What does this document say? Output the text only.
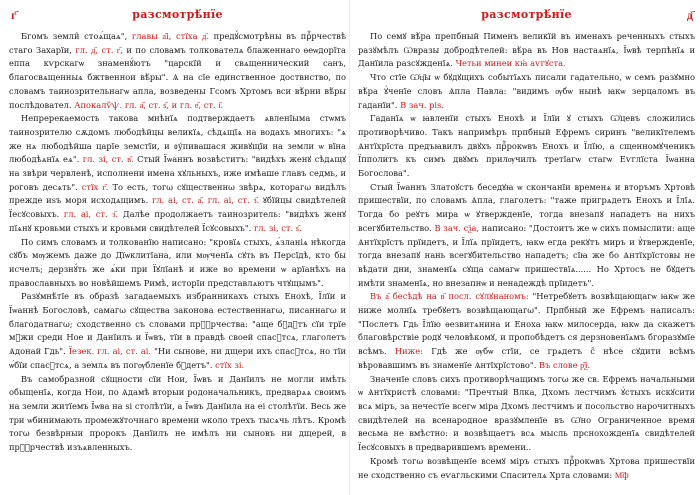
г҃	разсмотрѣ́нїе

Бгомъ земли̑ стоѧ́щаѧ", главы а҃і, стїха д҃. предꙋ́смотрѣны въ прⷪ҇рчествѣ стаго Захарїи, гл. д҃, ст. г҃, и по словамъ толкователѧ блаженнаго ѳеѡдорїта еппа кѵрскагѡ знаменꙋ́ютъ "царскїй и свѧщеннический санъ, благосвѧщенныѧ бжтвеннои вѣ́ры". Ѧ на сїе единственное доствнство, по словамъ таинозрительнагѡ апла, возведены Гсомъ Хртомъ вси вѣ́рни вѣ́ры послѣдовател. Апокалѷѱ. гл. а҃, ст. ѕ҃, и гл. е҃, ст. і҃.

Непререкаемость такова мнѣнїѧ подтверждаетъ ѧвленїыма стѡмъ таинозрителю сѫдомъ любодѣйцы великїѧ, сѣдѧщїѧ на водахъ многихъ: "ѧ же нѧ любодѣйша царїе земстїи, и ᲂу́пивашася живꙋщїи на земли ѡ вїна любодѣѧнїѧ еѧ". гл. зі, ст. в҃. Стый Їѡаннъ возвѣститъ: "видѣхъ женꙋ сѣдѧщꙋ на звѣри червленѣ, исполнени имена хꙋльныхъ, иже имѣаше главъ седмь, и роговъ десѧть". стїх г҃. То есть, тогω сꙋщественнω звѣрѧ, которагω видѣлъ прежде иѕъ моря исходѧщимъ. гл. аі, ст. а҃. гл. аі, ст. з҃. ꙋбїйцы свидѣтелей Їесꙋсовыхъ. гл. аі, ст. з҃. Далѣе продолжаетъ таинозритель: "видѣхъ женꙋ пїѧнꙋ кровьми стыхъ и кровьми свидѣтелей Їсꙋсовыхъ". гл. зі, ст. ѕ҃.

По симъ словамъ и толкованїю написано: "кровїѧ стыхъ, ѧ́зланіѧ нѣкогда сꙋбъ мѹжемъ даже до Дїѡклитїана, или мѹченїѧ сꙋть въ Персїдѣ, кто бы исчелъ; дерзнꙋ́ть же ѧ́ки при Їꙋлїанѣ и иже во времени ѡ арїанѣхъ на православныхъ во новѣйшемъ Римѣ, исторїи представлѧютъ чтꙋщымъ".

Разꙋмнѣ́тїе въ образѣ загадаемыхъ избранникахъ стыхъ Енохѣ, Їлїи и Їѡаннѣ Богословѣ, самагω сꙋщества законова естественнагω, писаннагω и благодатнагω; сходственно съ словами прⷪ҇рчества: "аще бꙋдꙋтъ сїи трїе мꙋжи среди Ное и Данїилъ и Їѡвъ, тїи в правдѣ своей спасꙋтсѧ, глаголетъ Ѧдонай Гдь". Їезек. гл. аі, ст. аі. "Ни сынове, ни дщери ихъ спасꙋтсѧ, но тїи ѡ́бїи спасꙋтсѧ, а землѧ въ погѹбленїе бꙋдетъ". стїх зі.

Въ самобразной сꙋщности сїи Нои, Їѡвъ и Данїилъ не могли имѣть обыщенїѧ, когда Нои, по Ѧдамѣ вторыи родоначальникъ, предварѧѧ своимъ на земли житїемъ Їѡва на ѕі столѣтїи, а Їѡвъ Данїила на еі столѣтїи. Весь же три ѡбинимають промежꙋточнаго времени ѡколо трехъ тысѧчь лѣтъ. Кромѣ тогω безвѣрныи пророкъ Данїилъ не имѣлъ ни сыновъ ни дщерей, в прⷪ҇рчествѣ изъѧвленныхъ.

разсмотрѣ́нїе	д҃

По семꙋ вѣ́ра препбный Пименъ великїй въ именахъ реченныхъ стыхъ разꙋмѣлъ Ѡвразы добродѣтелей: вѣ́ра въ Нов настаѧнїѧ, Їѡвѣ терпѣнїѧ и Данїила разсꙋжденїѧ. Четьи минеи кꙗ́ аѵгꙋста.

Что стїе Ѡ҆ц҃ы ѡ бꙋдꙋщихъ событїѧхъ писали гадательно, ѡ семъ разꙋмно вѣ́ра ꙋ҆ченїе словъ Ѧпла Павла: "видимъ ѹбѡ нынѣ ꙗкѡ зерцаломъ въ гаданїи". В зач. ріѕ.

Гаданїѧ ѡ ꙗвленїи стыхъ Енохѣ и Їлїи ꙋ стыхъ Ѡ҆цевъ сложились противорѣчиво. Такъ напримѣръ прпбный Ефремъ сиринъ "великїтелемъ Ѧнтїхрїста предъꙗвилъ двꙋхъ прⷪ҇рокѡвъ Енохъ и Їлїю, а сщенномꙋченикъ Їпполитъ къ симъ двꙋмъ прилѹчилъ третїагѡ стагѡ Еѵглїста Їѡанна Богослова".

Стый Їѡаннъ Златоꙋстъ беседꙋꙗ ѡ скончанїи временѧ и вторъмъ Хртовѣ пришествїи, по словамъ Ѧпла, глаголетъ: "таже пригрѧдетъ Енохъ и Їлїѧ. Тогда бо реꙋтъ мира ѡ ꙋтвержденїе, тогда внезапꙋ нападетъ на нихъ всегꙋбительство. В зач. сѯа, написано: "Достоитъ же ѡ сихъ помыслити: аще Ѧнтїхрїстъ прїидетъ, и Їлїѧ прїидетъ, ꙗкѡ егда рекꙋтъ миръ и ꙋ҆твержденїе, тогда внезапꙋ нань всегꙋбительство нападетъ; сїꙗ же бо Ѧнтїхрїстовы не вѣдати дни, знаменїѧ сꙋща самагѡ пришествїѧ...... Но Хртосъ не бꙋдетъ имѣти знаменїѧ, но внезапнѡ и ненадеждѣ прїидетъ".

Въ а҃ бесѣдѣ на в҃ посл. сꙋлꙋнаномъ: "Нетребꙋетъ возвѣщающагѡ ꙗкѡ же ниже молнїѧ требꙋетъ возвѣщающагω". Прпбный же Ефремъ написалъ: "Послетъ Гдь Їлїю ѳезвитѧнина и Еноха ꙗкѡ милосерда, ꙗкѡ да скажетъ благовѣрствіе родꙋ человѣкомꙋ, и пропобѣдетъ ся дерзновенїѧмъ бгоразꙋмїе всѣмъ. Ниже: Гдѣ же ѹбѡ стїи, се грѧдетъ с̑ нѣсе сꙋдити всѣмъ вѣровавшимъ въ знаменїе Ѧнтїхрїстово". Въ слове р҃ѯ.

Значенїе словъ сихъ противорѣчащимъ тогω же св. Ефремъ начальными ѡ Ѧнтїхристѣ словами: "Пречтый Влка, Дхомъ лестчимъ ꙋ҆стыхъ искꙋсити всѧ міръ, за нечестїе всегѡ міра Дхомъ лестчимъ и посольство нарочитныхъ свидѣтелей на всенародное вразꙋмленїе въ Ѡ҆но Ограниченное время весьма не вмѣстно: и возвѣщаетъ всѧ мысль прснохожденїѧ свидѣтелей Їесꙋсовыхъ в предварившемъ времени..

Кромѣ тогω возвѣщенїе всемꙋ міръ стыхъ прⷪ҇рокѡвъ Хртова пришествїи не сходственно съ еѵагльскими Спасителѧ Хрта словами: М҃ф
